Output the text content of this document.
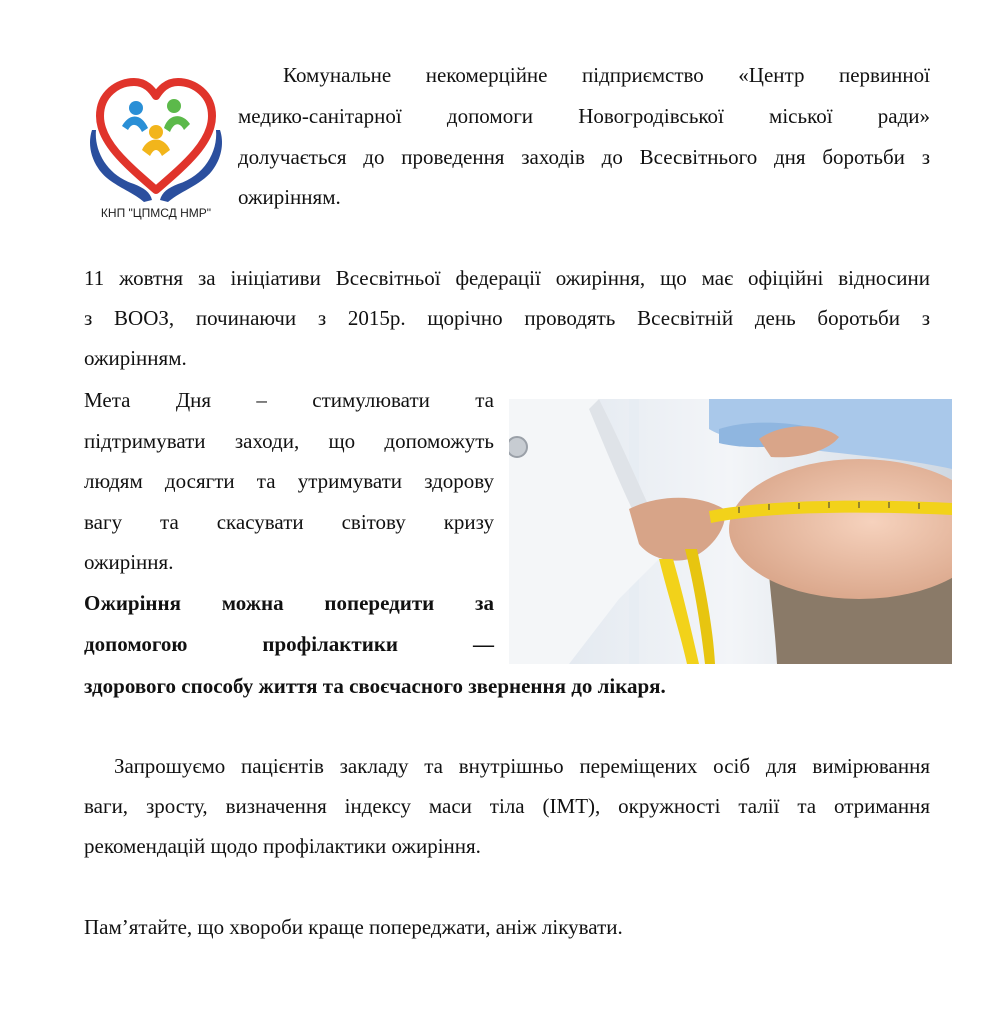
КНП "ЦПМСД НМР"
Комунальне некомерційне підприємство «Центр первинної
медико-санітарної допомоги Новогродівської міської ради»
долучається до проведення заходів до Всесвітнього дня боротьби з
ожирінням.
11 жовтня за ініціативи Всесвітньої федерації ожиріння, що має офіційні відносини
з ВООЗ, починаючи з 2015р. щорічно проводять Всесвітній день боротьби з
ожирінням.
Мета Дня – стимулювати та
підтримувати заходи, що допоможуть
людям досягти та утримувати здорову
вагу та скасувати світову кризу
ожиріння.
Ожиріння можна попередити за
допомогою профілактики —
здорового способу життя та своєчасного звернення до лікаря.
Запрошуємо пацієнтів закладу та внутрішньо переміщених осіб для вимірювання
ваги, зросту, визначення індексу маси тіла (ІМТ), окружності талії та отримання
рекомендацій щодо профілактики ожиріння.
Пам’ятайте, що хвороби краще попереджати, аніж лікувати.
